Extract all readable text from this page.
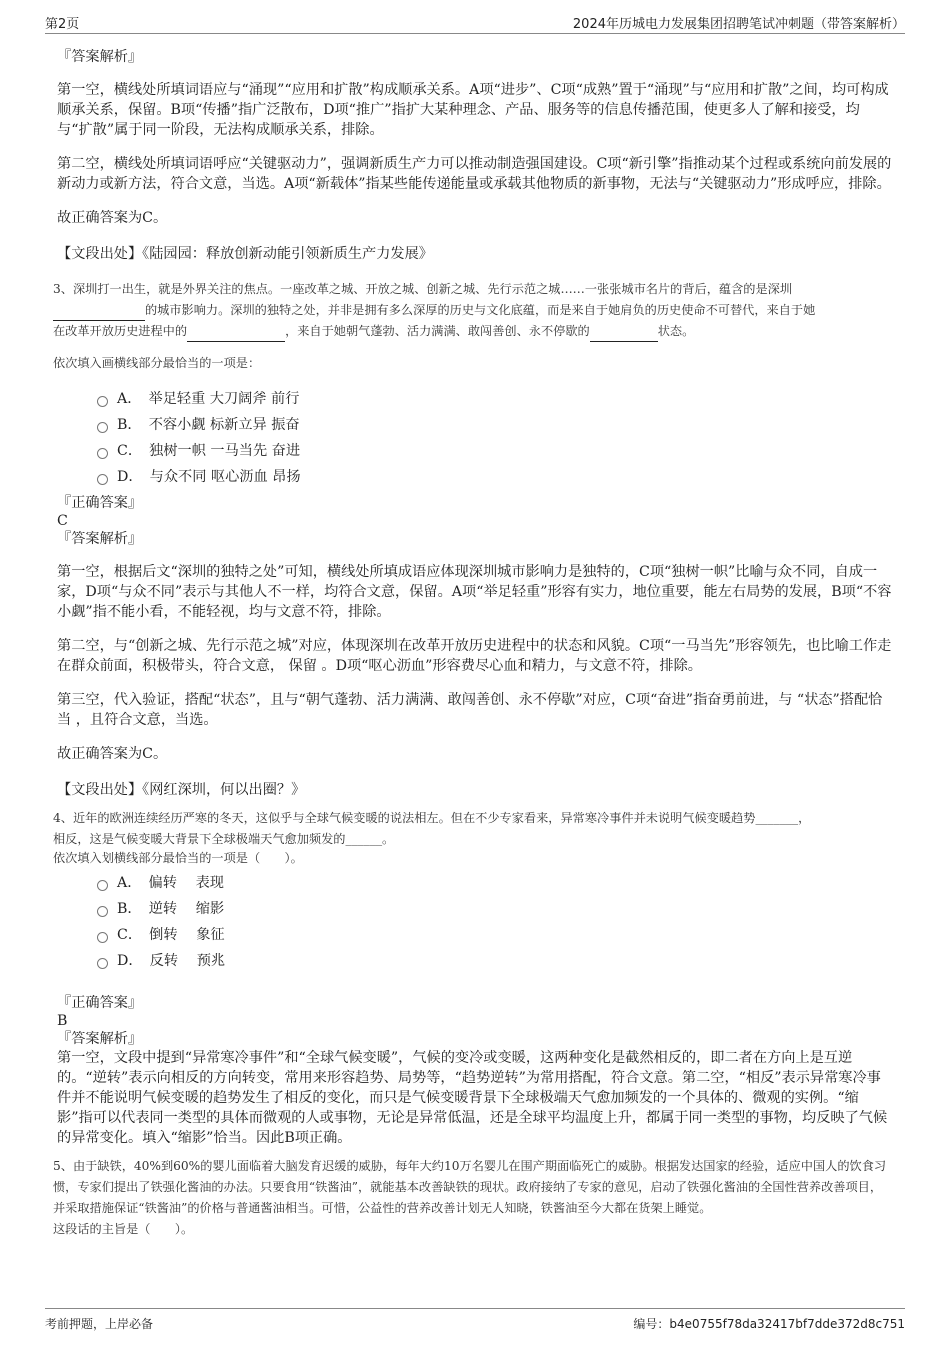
第2页	2024年历城电力发展集团招聘笔试冲刺题（带答案解析）

『答案解析』

第一空，横线处所填词语应与“涌现”“应用和扩散”构成顺承关系。A项“进步”、C项“成熟”置于“涌现”与“应用和扩散”之间，均可构成顺承关系，保留。B项“传播”指广泛散布，D项“推广”指扩大某种理念、产品、服务等的信息传播范围，使更多人了解和接受，均与“扩散”属于同一阶段，无法构成顺承关系，排除。

第二空，横线处所填词语呼应“关键驱动力”，强调新质生产力可以推动制造强国建设。C项“新引擎”指推动某个过程或系统向前发展的新动力或新方法，符合文意，当选。A项“新载体”指某些能传递能量或承载其他物质的新事物，无法与“关键驱动力”形成呼应，排除。

故正确答案为C。

【文段出处】《陆园园：释放创新动能引领新质生产力发展》

3、深圳打一出生，就是外界关注的焦点。一座改革之城、开放之城、创新之城、先行示范之城……一张张城市名片的背后，蕴含的是深圳
的城市影响力。深圳的独特之处，并非是拥有多么深厚的历史与文化底蕴，而是来自于她肩负的历史使命不可替代，来自于她
在改革开放历史进程中的	，来自于她朝气蓬勃、活力满满、敢闯善创、永不停歇的	状态。

依次填入画横线部分最恰当的一项是：

A．　举足轻重 大刀阔斧 前行
B．　不容小觑 标新立异 振奋
C．　独树一帜 一马当先 奋进
D．　与众不同 呕心沥血 昂扬

『正确答案』

C

『答案解析』

第一空，根据后文“深圳的独特之处”可知，横线处所填成语应体现深圳城市影响力是独特的，C项“独树一帜”比喻与众不同，自成一家，D项“与众不同”表示与其他人不一样，均符合文意，保留。A项“举足轻重”形容有实力，地位重要，能左右局势的发展，B项“不容小觑”指不能小看，不能轻视，均与文意不符，排除。

第二空，与“创新之城、先行示范之城”对应，体现深圳在改革开放历史进程中的状态和风貌。C项“一马当先”形容领先，也比喻工作走在群众前面，积极带头，符合文意， 保留 。D项“呕心沥血”形容费尽心血和精力，与文意不符，排除。

第三空，代入验证，搭配“状态”，且与“朝气蓬勃、活力满满、敢闯善创、永不停歇”对应，C项“奋进”指奋勇前进，与 “状态”搭配恰当 ，且符合文意，当选。

故正确答案为C。

【文段出处】《网红深圳，何以出圈？》

4、近年的欧洲连续经历严寒的冬天，这似乎与全球气候变暖的说法相左。但在不少专家看来，异常寒冷事件并未说明气候变暖趋势_______，
相反，这是气候变暖大背景下全球极端天气愈加频发的______。

依次填入划横线部分最恰当的一项是（　　）。

A．　偏转　 表现
B．　逆转　 缩影
C．　倒转　 象征
D．　反转　 预兆

『正确答案』

B

『答案解析』

第一空，文段中提到“异常寒冷事件”和“全球气候变暖”，气候的变冷或变暖，这两种变化是截然相反的，即二者在方向上是互逆的。“逆转”表示向相反的方向转变，常用来形容趋势、局势等，“趋势逆转”为常用搭配，符合文意。第二空，“相反”表示异常寒冷事件并不能说明气候变暖的趋势发生了相反的变化，而只是气候变暖背景下全球极端天气愈加频发的一个具体的、微观的实例。“缩影”指可以代表同一类型的具体而微观的人或事物，无论是异常低温，还是全球平均温度上升，都属于同一类型的事物，均反映了气候的异常变化。填入“缩影”恰当。因此B项正确。

5、由于缺铁，40%到60%的婴儿面临着大脑发育迟缓的威胁，每年大约10万名婴儿在围产期面临死亡的威胁。根据发达国家的经验，适应中国人的饮食习惯，专家们提出了铁强化酱油的办法。只要食用“铁酱油”，就能基本改善缺铁的现状。政府接纳了专家的意见，启动了铁强化酱油的全国性营养改善项目，并采取措施保证“铁酱油”的价格与普通酱油相当。可惜，公益性的营养改善计划无人知晓，铁酱油至今大都在货架上睡觉。

这段话的主旨是（　　）。

考前押题，上岸必备	编号：b4e0755f78da32417bf7dde372d8c751
